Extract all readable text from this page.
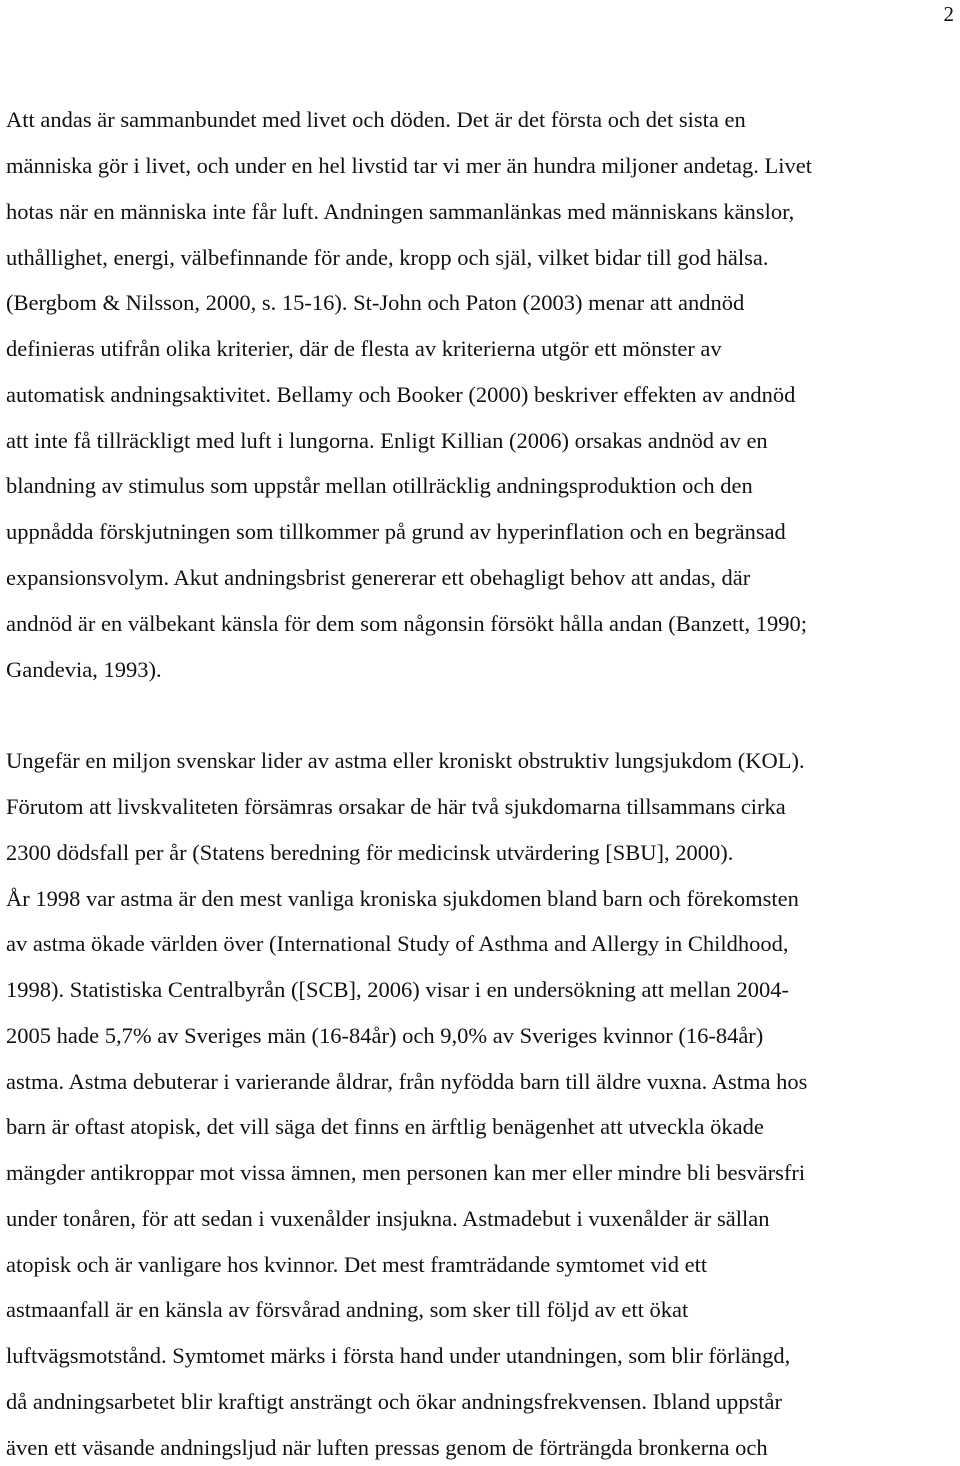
2
Att andas är sammanbundet med livet och döden. Det är det första och det sista en
människa gör i livet, och under en hel livstid tar vi mer än hundra miljoner andetag. Livet
hotas när en människa inte får luft. Andningen sammanlänkas med människans känslor,
uthållighet, energi, välbefinnande för ande, kropp och själ, vilket bidar till god hälsa.
(Bergbom & Nilsson, 2000, s. 15-16). St-John och Paton (2003) menar att andnöd
definieras utifrån olika kriterier, där de flesta av kriterierna utgör ett mönster av
automatisk andningsaktivitet. Bellamy och Booker (2000) beskriver effekten av andnöd
att inte få tillräckligt med luft i lungorna. Enligt Killian (2006) orsakas andnöd av en
blandning av stimulus som uppstår mellan otillräcklig andningsproduktion och den
uppnådda förskjutningen som tillkommer på grund av hyperinflation och en begränsad
expansionsvolym. Akut andningsbrist genererar ett obehagligt behov att andas, där
andnöd är en välbekant känsla för dem som någonsin försökt hålla andan (Banzett, 1990;
Gandevia, 1993).
Ungefär en miljon svenskar lider av astma eller kroniskt obstruktiv lungsjukdom (KOL).
Förutom att livskvaliteten försämras orsakar de här två sjukdomarna tillsammans cirka
2300 dödsfall per år (Statens beredning för medicinsk utvärdering [SBU], 2000).
År 1998 var astma är den mest vanliga kroniska sjukdomen bland barn och förekomsten
av astma ökade världen över (International Study of Asthma and Allergy in Childhood,
1998). Statistiska Centralbyrån ([SCB], 2006) visar i en undersökning att mellan 2004-
2005 hade 5,7% av Sveriges män (16-84år) och 9,0% av Sveriges kvinnor (16-84år)
astma. Astma debuterar i varierande åldrar, från nyfödda barn till äldre vuxna. Astma hos
barn är oftast atopisk, det vill säga det finns en ärftlig benägenhet att utveckla ökade
mängder antikroppar mot vissa ämnen, men personen kan mer eller mindre bli besvärsfri
under tonåren, för att sedan i vuxenålder insjukna. Astmadebut i vuxenålder är sällan
atopisk och är vanligare hos kvinnor. Det mest framträdande symtomet vid ett
astmaanfall är en känsla av försvårad andning, som sker till följd av ett ökat
luftvägsmotstånd. Symtomet märks i första hand under utandningen, som blir förlängd,
då andningsarbetet blir kraftigt ansträngt och ökar andningsfrekvensen. Ibland uppstår
även ett väsande andningsljud när luften pressas genom de förträngda bronkerna och
